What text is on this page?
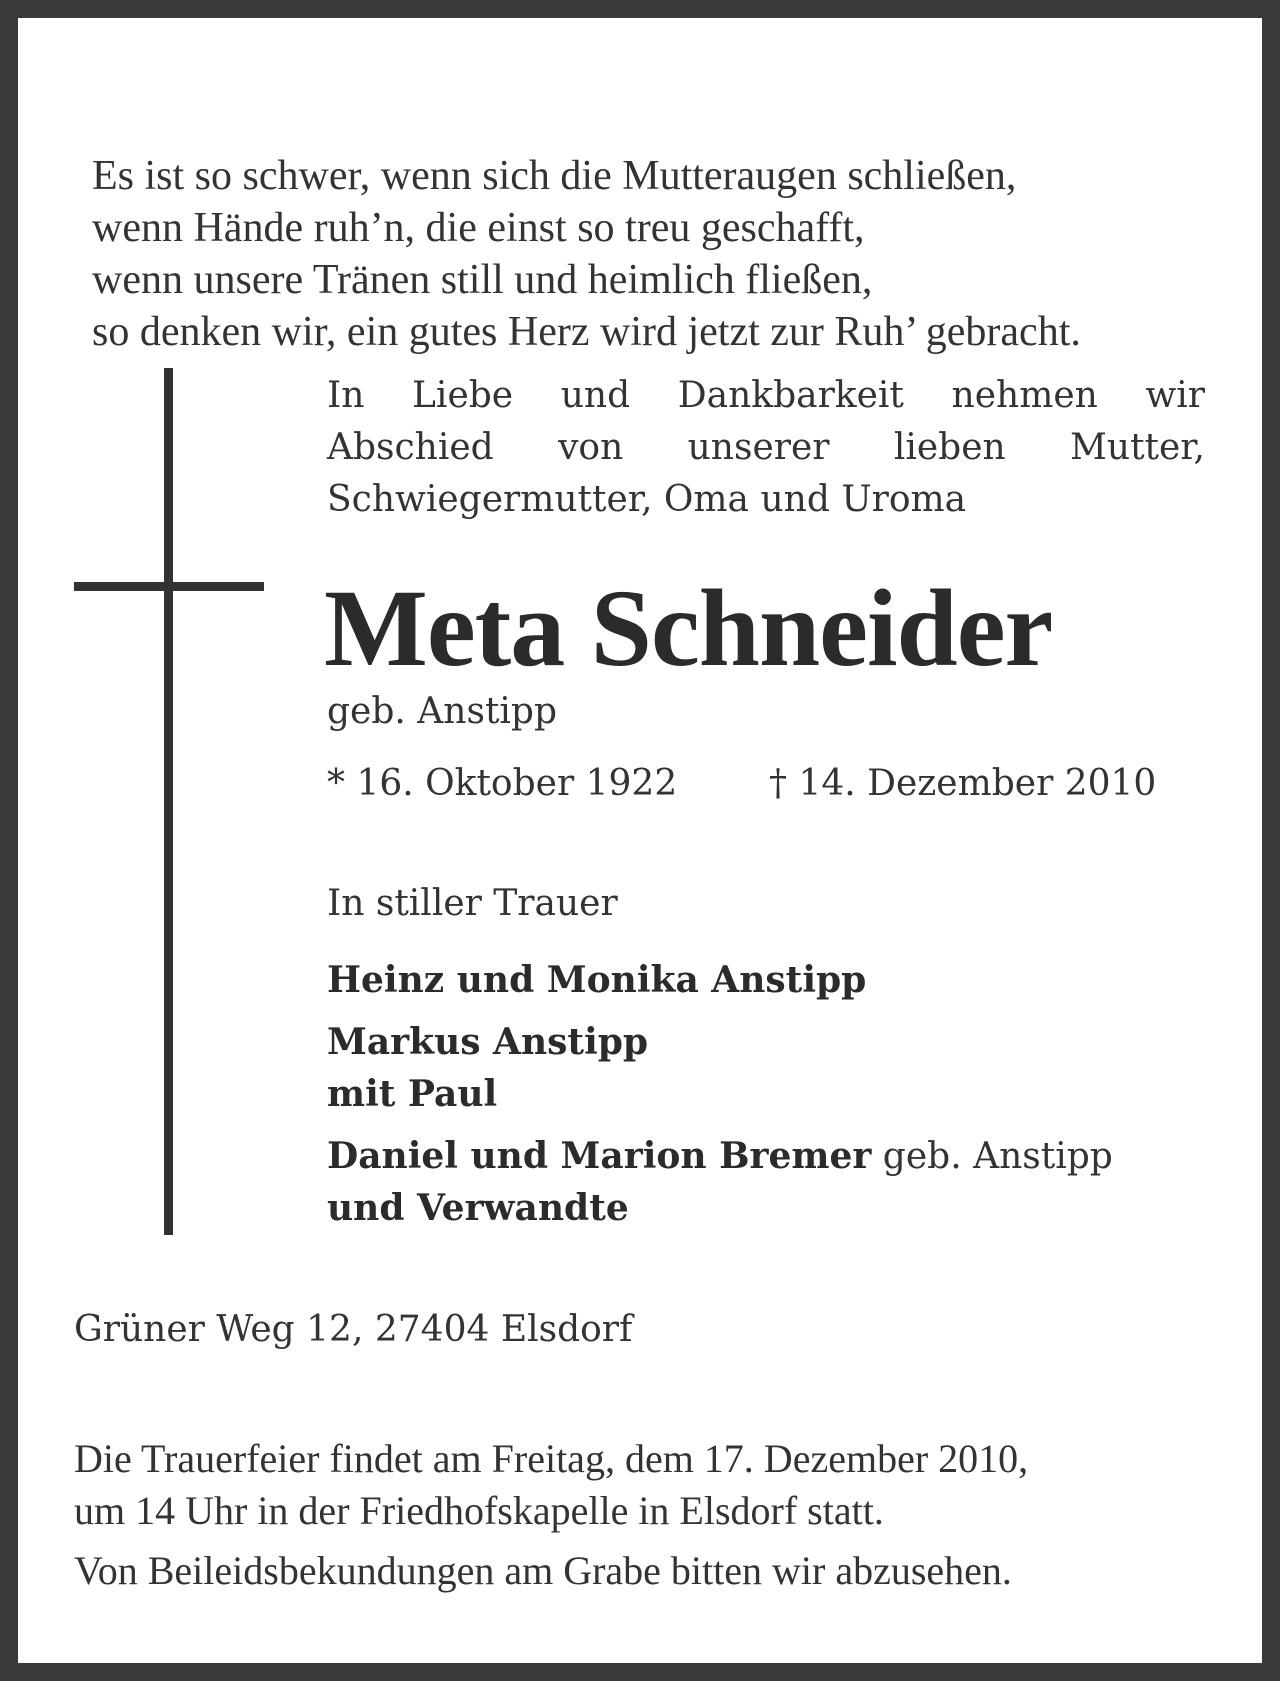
Es ist so schwer, wenn sich die Mutteraugen schließen,
wenn Hände ruh’n, die einst so treu geschafft,
wenn unsere Tränen still und heimlich fließen,
so denken wir, ein gutes Herz wird jetzt zur Ruh’ gebracht.
In Liebe und Dankbarkeit nehmen wir
Abschied von unserer lieben Mutter,
Schwiegermutter, Oma und Uroma
Meta Schneider
geb. Anstipp
* 16. Oktober 1922	† 14. Dezember 2010
In stiller Trauer
Heinz und Monika Anstipp
Markus Anstipp
mit Paul
Daniel und Marion Bremer geb. Anstipp
und Verwandte
Grüner Weg 12, 27404 Elsdorf
Die Trauerfeier findet am Freitag, dem 17. Dezember 2010,
um 14 Uhr in der Friedhofskapelle in Elsdorf statt.
Von Beileidsbekundungen am Grabe bitten wir abzusehen.
